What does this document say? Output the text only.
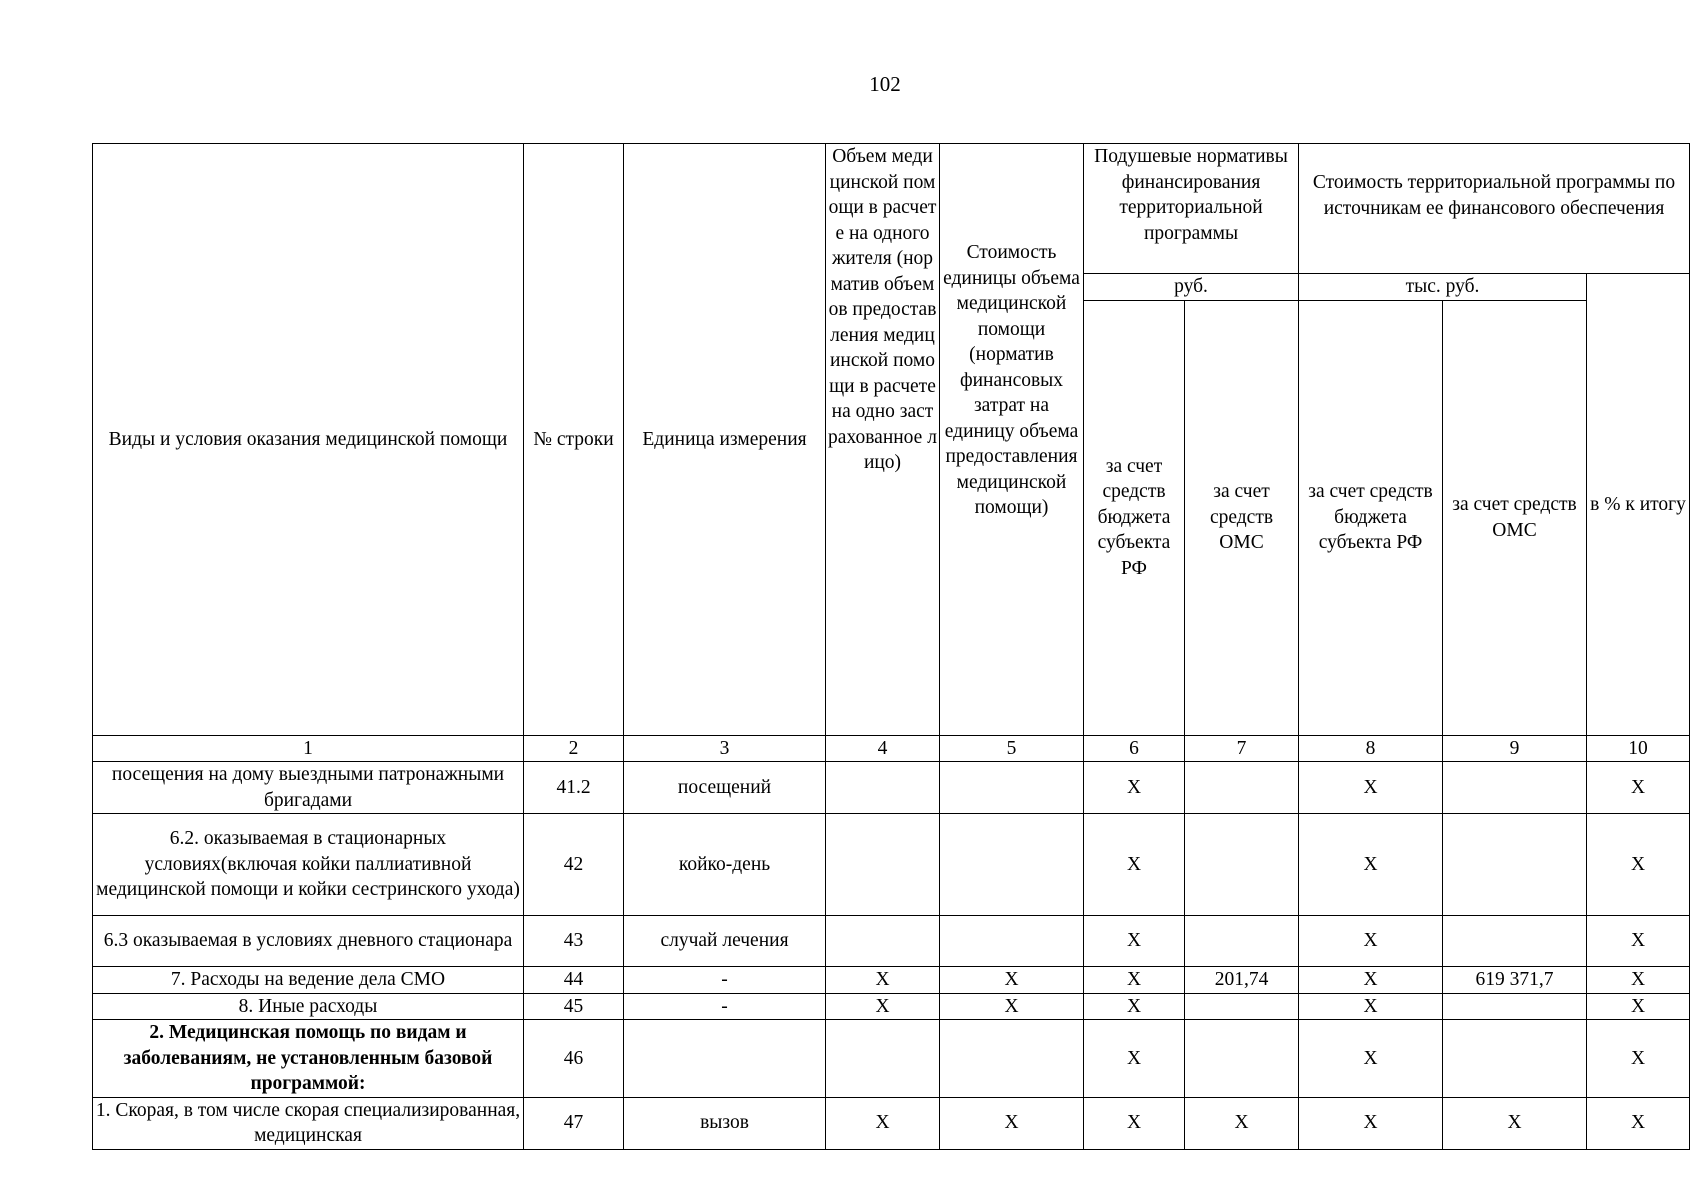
102
Виды и условия оказания медицинской помощи	№ строки	Единица измерения	Объем медицинской помощи в расчете на одного жителя (норматив объемов предоставления медицинской помощи в расчете на одно застрахованное лицо)	Стоимость единицы объема медицинской помощи (норматив финансовых затрат на единицу объема предоставления медицинской помощи)	Подушевые нормативы финансирования территориальной программы		Стоимость территориальной программы по источникам ее финансового обеспечения		
					руб.		тыс. руб.		в % к итогу
					за счет средств бюджета субъекта РФ	за счет средств ОМС	за счет средств бюджета субъекта РФ	за счет средств ОМС	
1	2	3	4	5	6	7	8	9	10
посещения на дому выездными патронажными бригадами	41.2	посещений			X		X		X
6.2. оказываемая в стационарных условиях(включая койки паллиативной медицинской помощи и койки сестринского ухода)	42	койко-день			X		X		X
6.3 оказываемая в условиях дневного стационара	43	случай лечения			X		X		X
7. Расходы на ведение дела СМО	44	-	X	X	X	201,74	X	619 371,7	X
8. Иные расходы	45	-	X	X	X		X		X
2. Медицинская помощь по видам и заболеваниям, не установленным базовой программой:	46				X		X		X
1. Скорая, в том числе скорая специализированная, медицинская	47	вызов	X	X	X	X	X	X	X
